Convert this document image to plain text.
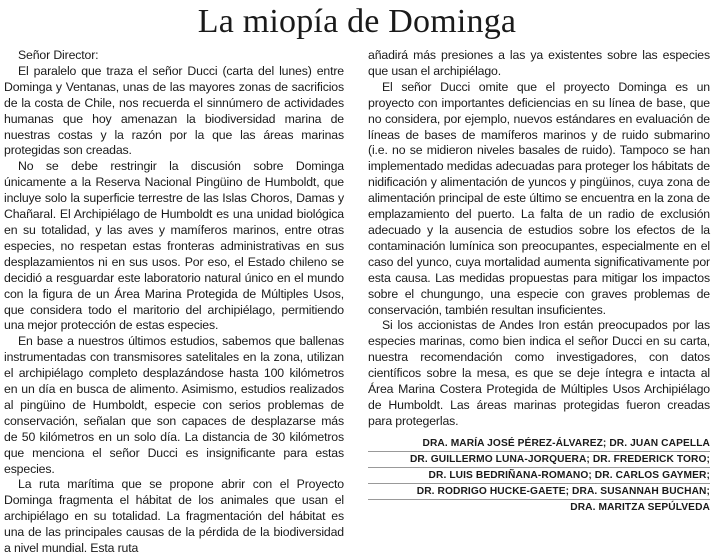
La miopía de Dominga

Señor Director:

El paralelo que traza el señor Ducci (carta del lunes) entre Dominga y Ventanas, unas de las mayores zonas de sacrificios de la costa de Chile, nos recuerda el sinnúmero de actividades humanas que hoy amenazan la biodiversidad marina de nuestras costas y la razón por la que las áreas marinas protegidas son creadas.

No se debe restringir la discusión sobre Dominga únicamente a la Reserva Nacional Pingüino de Humboldt, que incluye solo la superficie terrestre de las Islas Choros, Damas y Chañaral. El Archipiélago de Humboldt es una unidad biológica en su totalidad, y las aves y mamíferos marinos, entre otras especies, no respetan estas fronteras administrativas en sus desplazamientos ni en sus usos. Por eso, el Estado chileno se decidió a resguardar este laboratorio natural único en el mundo con la figura de un Área Marina Protegida de Múltiples Usos, que considera todo el maritorio del archipiélago, permitiendo una mejor protección de estas especies.

En base a nuestros últimos estudios, sabemos que ballenas instrumentadas con transmisores satelitales en la zona, utilizan el archipiélago completo desplazándose hasta 100 kilómetros en un día en busca de alimento. Asimismo, estudios realizados al pingüino de Humboldt, especie con serios problemas de conservación, señalan que son capaces de desplazarse más de 50 kilómetros en un solo día. La distancia de 30 kilómetros que menciona el señor Ducci es insignificante para estas especies.

La ruta marítima que se propone abrir con el Proyecto Dominga fragmenta el hábitat de los animales que usan el archipiélago en su totalidad. La fragmentación del hábitat es una de las principales causas de la pérdida de la biodiversidad a nivel mundial. Esta ruta

añadirá más presiones a las ya existentes sobre las especies que usan el archipiélago.

El señor Ducci omite que el proyecto Dominga es un proyecto con importantes deficiencias en su línea de base, que no considera, por ejemplo, nuevos estándares en evaluación de líneas de bases de mamíferos marinos y de ruido submarino (i.e. no se midieron niveles basales de ruido). Tampoco se han implementado medidas adecuadas para proteger los hábitats de nidificación y alimentación de yuncos y pingüinos, cuya zona de alimentación principal de este último se encuentra en la zona de emplazamiento del puerto. La falta de un radio de exclusión adecuado y la ausencia de estudios sobre los efectos de la contaminación lumínica son preocupantes, especialmente en el caso del yunco, cuya mortalidad aumenta significativamente por esta causa. Las medidas propuestas para mitigar los impactos sobre el chungungo, una especie con graves problemas de conservación, también resultan insuficientes.

Si los accionistas de Andes Iron están preocupados por las especies marinas, como bien indica el señor Ducci en su carta, nuestra recomendación como investigadores, con datos científicos sobre la mesa, es que se deje íntegra e intacta al Área Marina Costera Protegida de Múltiples Usos Archipiélago de Humboldt. Las áreas marinas protegidas fueron creadas para protegerlas.

DRA. MARÍA JOSÉ PÉREZ-ÁLVAREZ; DR. JUAN CAPELLA
DR. GUILLERMO LUNA-JORQUERA; DR. FREDERICK TORO;
DR. LUIS BEDRIÑANA-ROMANO; DR. CARLOS GAYMER;
DR. RODRIGO HUCKE-GAETE; DRA. SUSANNAH BUCHAN;
DRA. MARITZA SEPÚLVEDA
